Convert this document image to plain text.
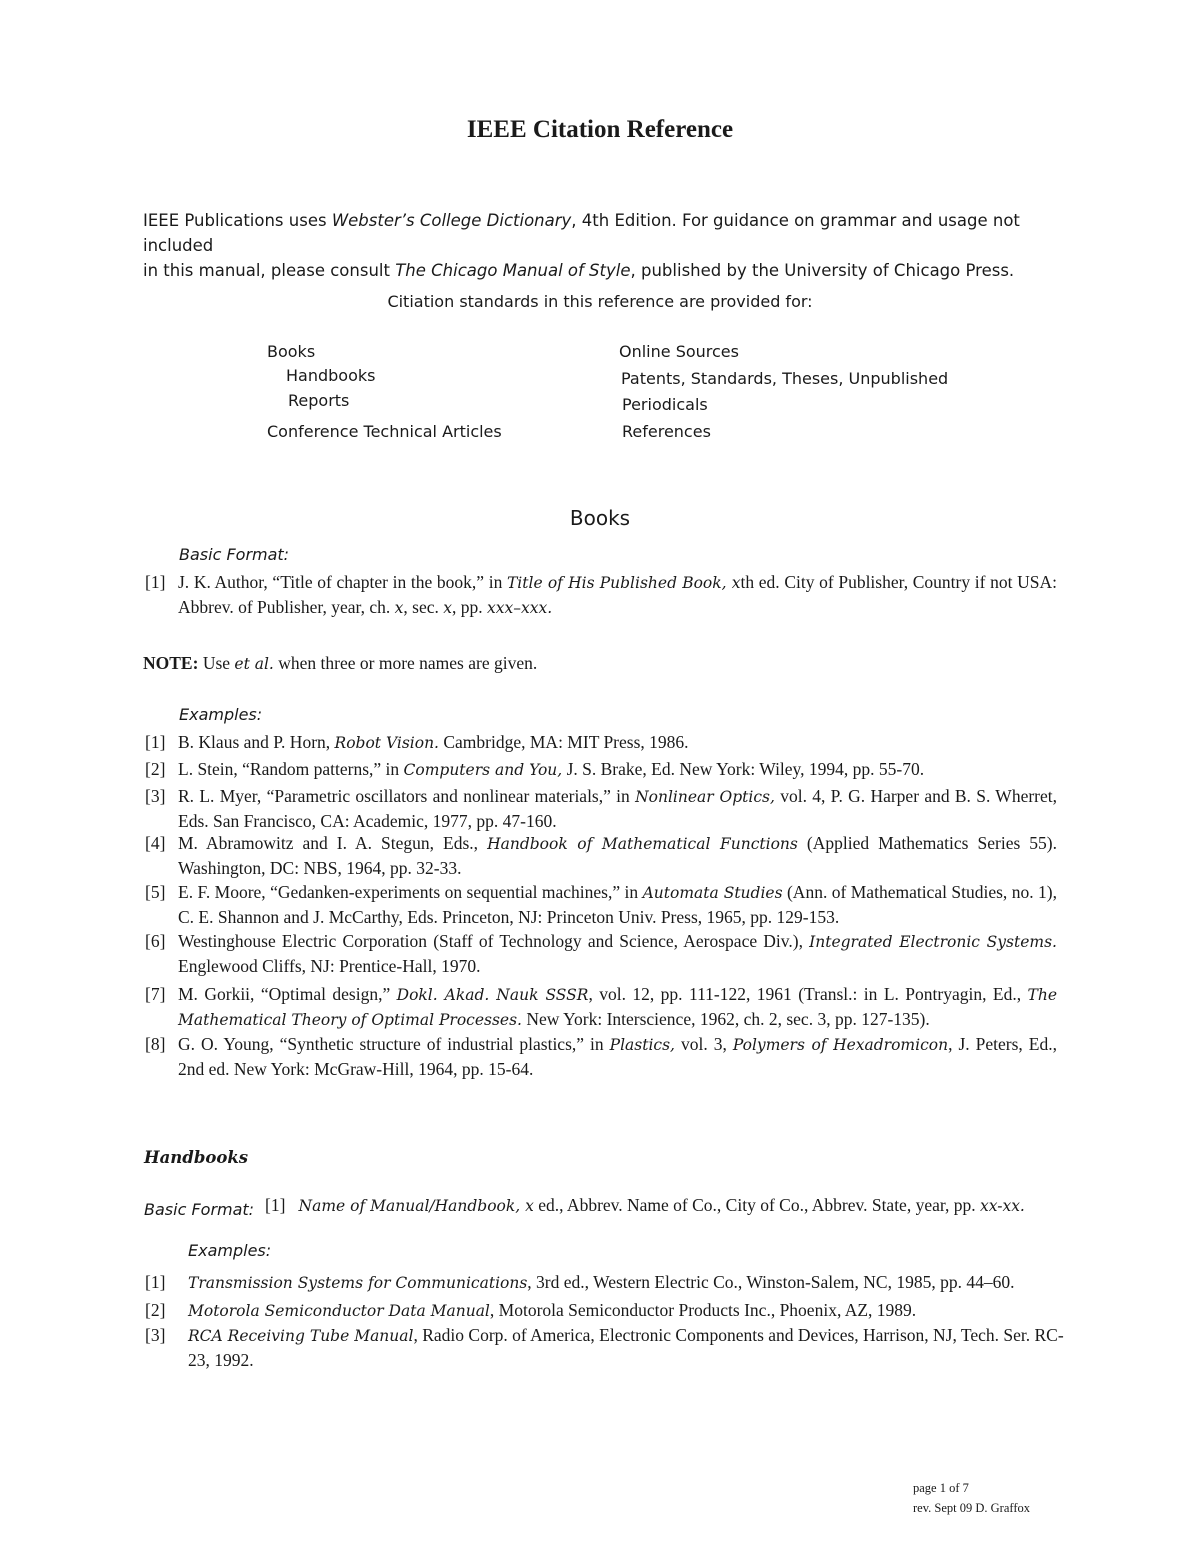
IEEE Citation Reference
IEEE Publications uses Webster’s College Dictionary, 4th Edition. For guidance on grammar and usage not included
in this manual, please consult The Chicago Manual of Style, published by the University of Chicago Press.
Citiation standards in this reference are provided for:
Books
Handbooks
Reports
Conference Technical Articles
Online Sources
Patents, Standards, Theses, Unpublished
Periodicals
References
Books
Basic Format:
[1] J. K. Author, “Title of chapter in the book,” in Title of His Published Book, xth ed. City of Publisher, Country if not USA: Abbrev. of Publisher, year, ch. x, sec. x, pp. xxx–xxx.
NOTE: Use et al. when three or more names are given.
Examples:
[1] B. Klaus and P. Horn, Robot Vision. Cambridge, MA: MIT Press, 1986.
[2] L. Stein, “Random patterns,” in Computers and You, J. S. Brake, Ed. New York: Wiley, 1994, pp. 55-70.
[3] R. L. Myer, “Parametric oscillators and nonlinear materials,” in Nonlinear Optics, vol. 4, P. G. Harper and B. S. Wherret, Eds. San Francisco, CA: Academic, 1977, pp. 47-160.
[4] M. Abramowitz and I. A. Stegun, Eds., Handbook of Mathematical Functions (Applied Mathematics Series 55). Washington, DC: NBS, 1964, pp. 32-33.
[5] E. F. Moore, “Gedanken-experiments on sequential machines,” in Automata Studies (Ann. of Mathematical Studies, no. 1), C. E. Shannon and J. McCarthy, Eds. Princeton, NJ: Princeton Univ. Press, 1965, pp. 129-153.
[6] Westinghouse Electric Corporation (Staff of Technology and Science, Aerospace Div.), Integrated Electronic Systems. Englewood Cliffs, NJ: Prentice-Hall, 1970.
[7] M. Gorkii, “Optimal design,” Dokl. Akad. Nauk SSSR, vol. 12, pp. 111-122, 1961 (Transl.: in L. Pontryagin, Ed., The Mathematical Theory of Optimal Processes. New York: Interscience, 1962, ch. 2, sec. 3, pp. 127-135).
[8] G. O. Young, “Synthetic structure of industrial plastics,” in Plastics, vol. 3, Polymers of Hexadromicon, J. Peters, Ed., 2nd ed. New York: McGraw-Hill, 1964, pp. 15-64.
Handbooks
Basic Format: [1] Name of Manual/Handbook, x ed., Abbrev. Name of Co., City of Co., Abbrev. State, year, pp. xx-xx.
Examples:
[1] Transmission Systems for Communications, 3rd ed., Western Electric Co., Winston-Salem, NC, 1985, pp. 44–60.
[2] Motorola Semiconductor Data Manual, Motorola Semiconductor Products Inc., Phoenix, AZ, 1989.
[3] RCA Receiving Tube Manual, Radio Corp. of America, Electronic Components and Devices, Harrison, NJ, Tech. Ser. RC-23, 1992.
page 1 of 7
rev. Sept 09 D. Graffox
